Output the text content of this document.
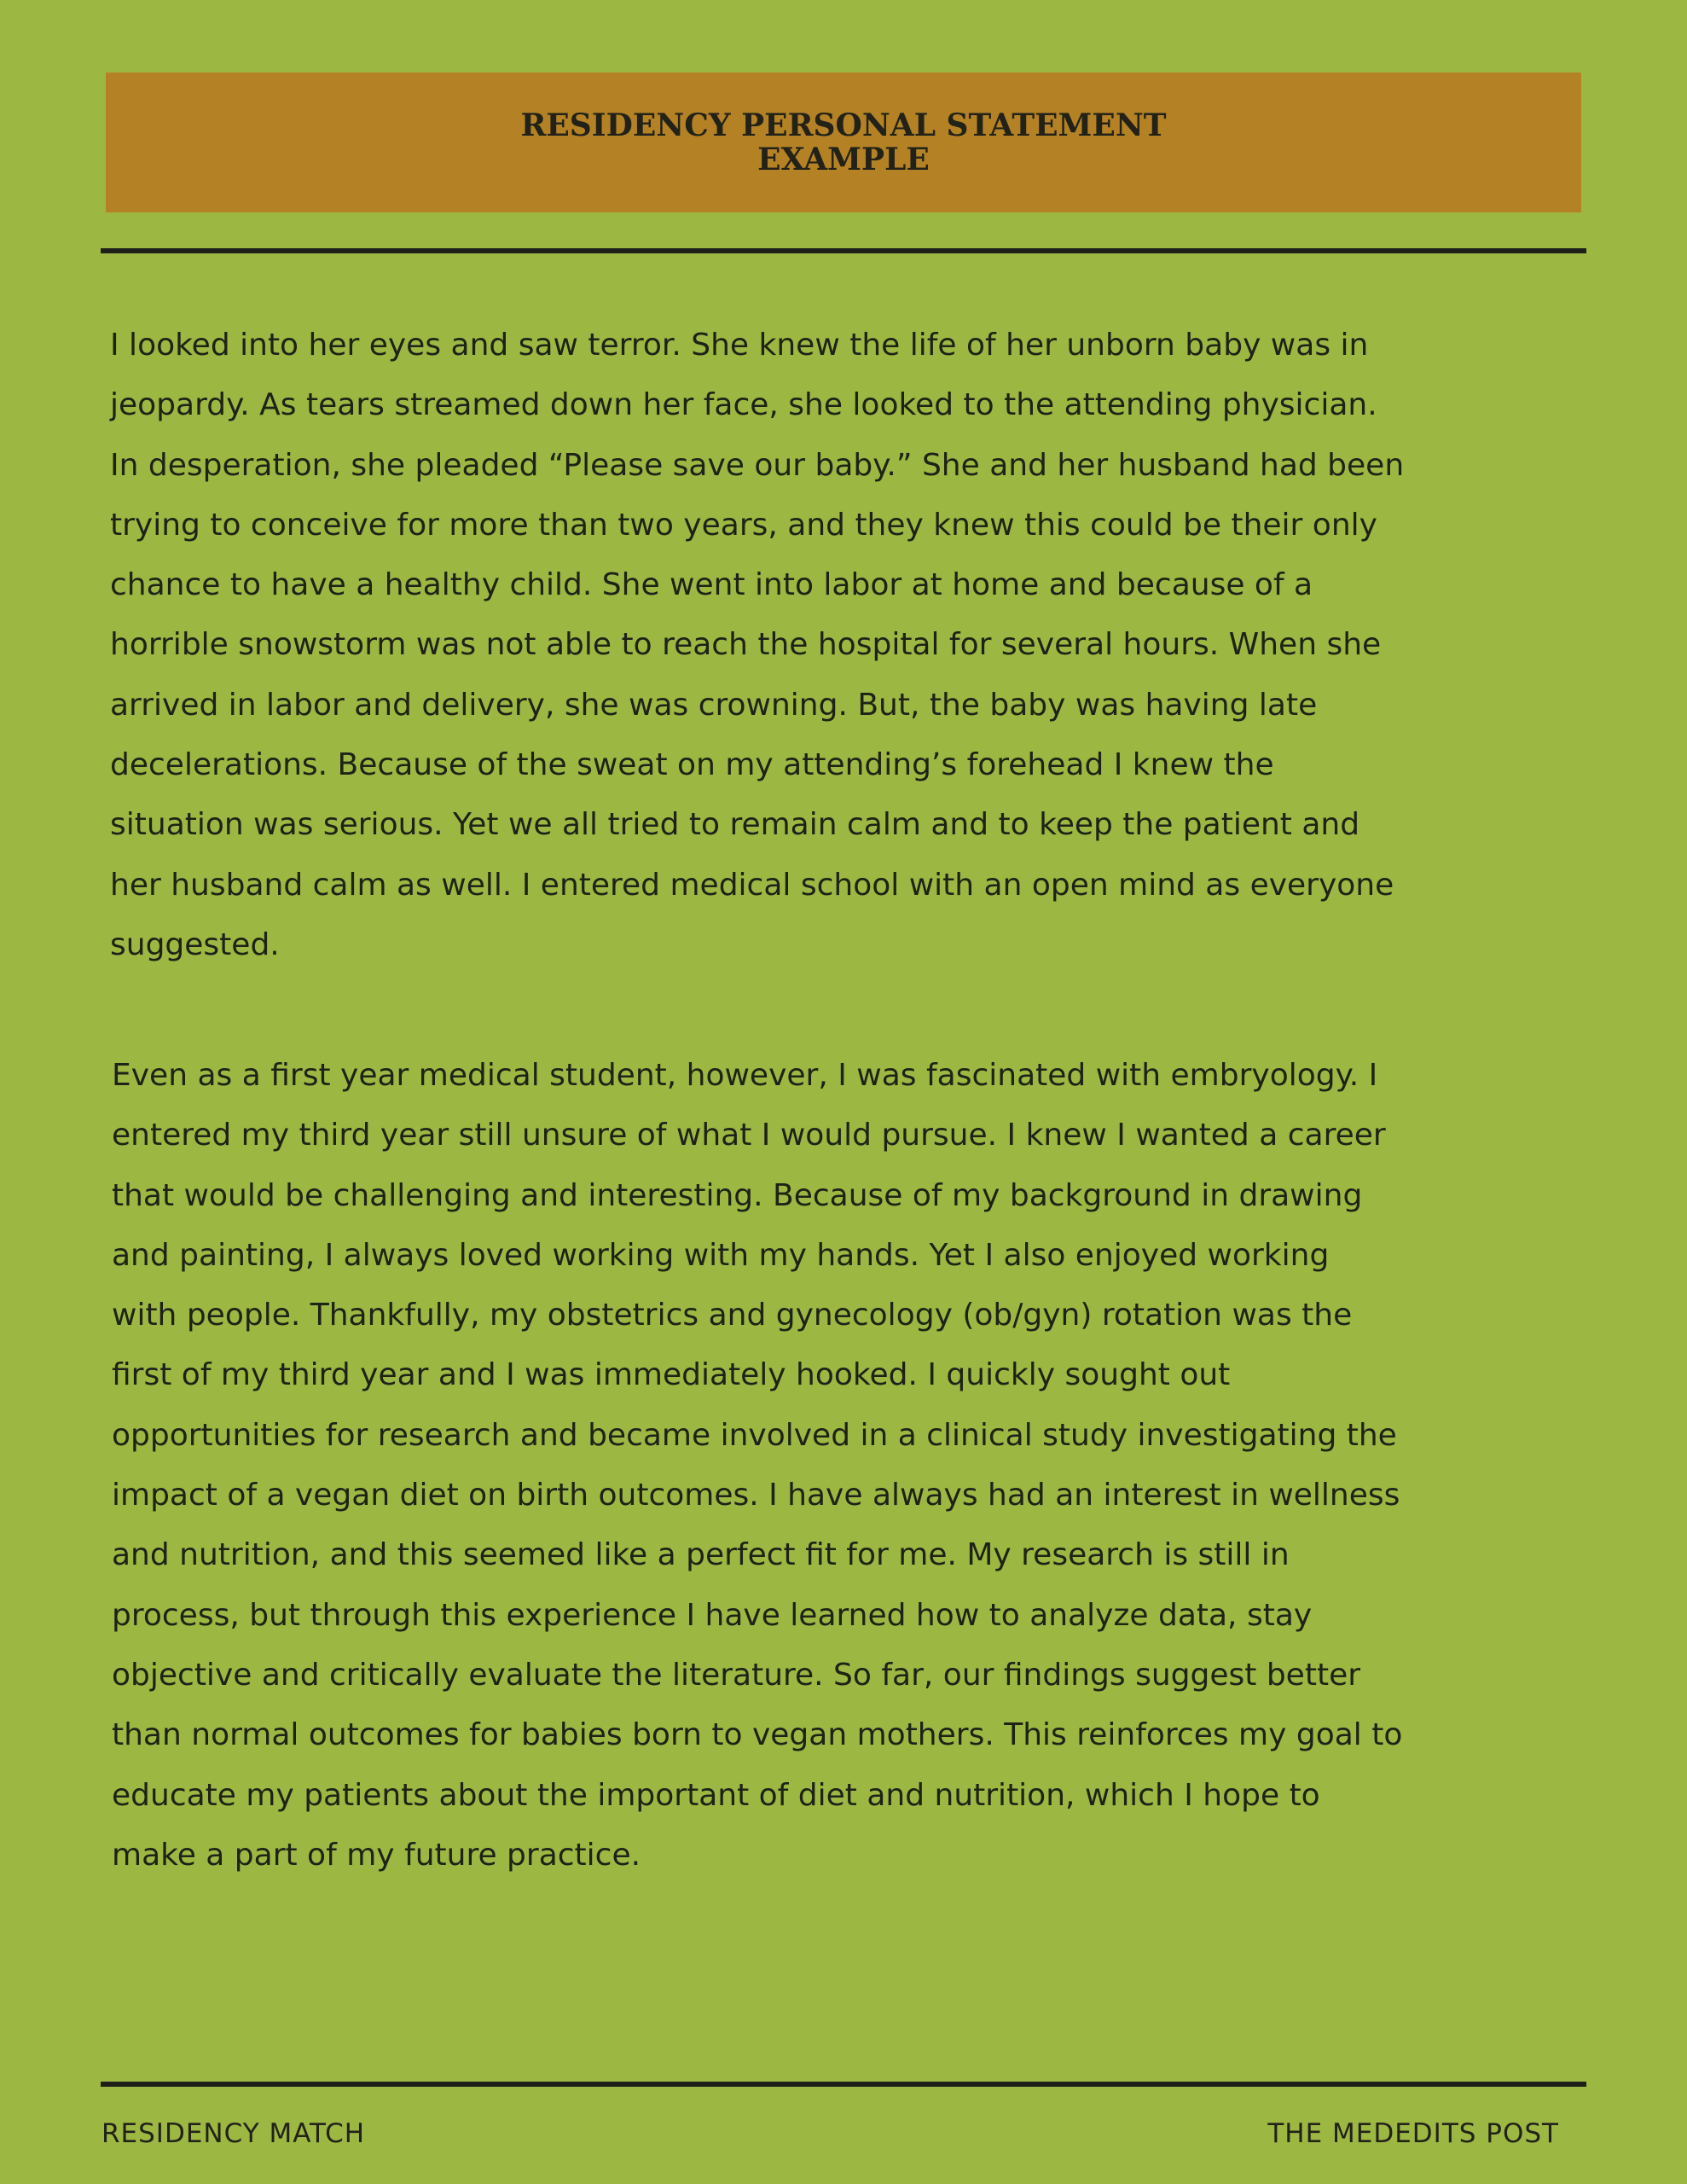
RESIDENCY PERSONAL STATEMENT
EXAMPLE
I looked into her eyes and saw terror. She knew the life of her unborn baby was in
jeopardy. As tears streamed down her face, she looked to the attending physician.
In desperation, she pleaded “Please save our baby.” She and her husband had been
trying to conceive for more than two years, and they knew this could be their only
chance to have a healthy child. She went into labor at home and because of a
horrible snowstorm was not able to reach the hospital for several hours. When she
arrived in labor and delivery, she was crowning. But, the baby was having late
decelerations. Because of the sweat on my attending’s forehead I knew the
situation was serious. Yet we all tried to remain calm and to keep the patient and
her husband calm as well. I entered medical school with an open mind as everyone
suggested.
Even as a first year medical student, however, I was fascinated with embryology. I
entered my third year still unsure of what I would pursue. I knew I wanted a career
that would be challenging and interesting. Because of my background in drawing
and painting, I always loved working with my hands. Yet I also enjoyed working
with people. Thankfully, my obstetrics and gynecology (ob/gyn) rotation was the
first of my third year and I was immediately hooked. I quickly sought out
opportunities for research and became involved in a clinical study investigating the
impact of a vegan diet on birth outcomes. I have always had an interest in wellness
and nutrition, and this seemed like a perfect fit for me. My research is still in
process, but through this experience I have learned how to analyze data, stay
objective and critically evaluate the literature. So far, our findings suggest better
than normal outcomes for babies born to vegan mothers. This reinforces my goal to
educate my patients about the important of diet and nutrition, which I hope to
make a part of my future practice.
RESIDENCY MATCH	THE MEDEDITS POST
